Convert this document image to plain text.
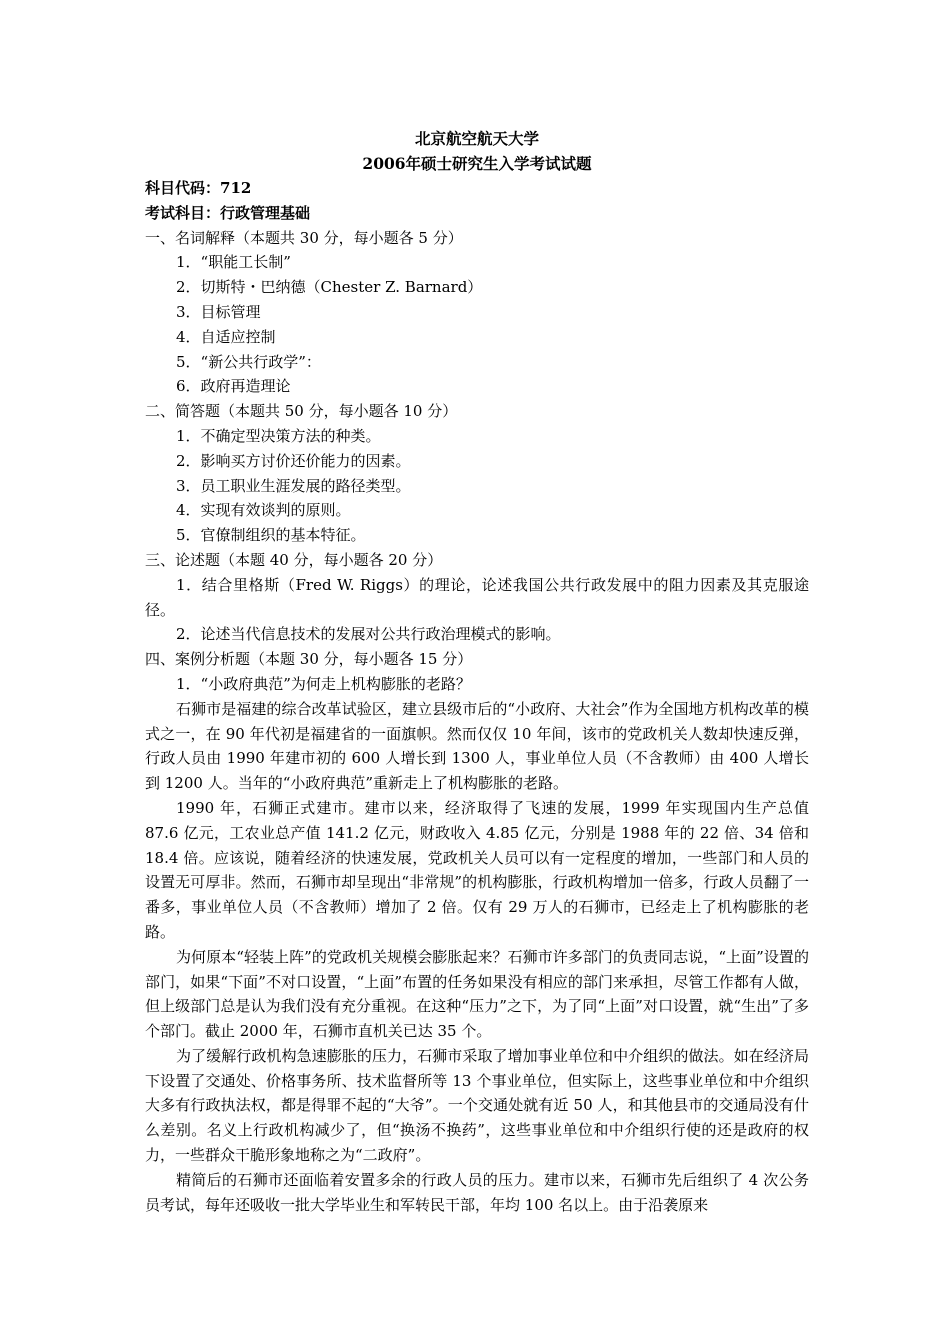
北京航空航天大学
2006年硕士研究生入学考试试题
科目代码：712
考试科目：行政管理基础
一、名词解释（本题共 30 分，每小题各 5 分）
1．“职能工长制”
2．切斯特・巴纳德（Chester Z. Barnard）
3．目标管理
4．自适应控制
5．“新公共行政学”：
6．政府再造理论
二、简答题（本题共 50 分，每小题各 10 分）
1．不确定型决策方法的种类。
2．影响买方讨价还价能力的因素。
3．员工职业生涯发展的路径类型。
4．实现有效谈判的原则。
5．官僚制组织的基本特征。
三、论述题（本题 40 分，每小题各 20 分）
1．结合里格斯（Fred W. Riggs）的理论，论述我国公共行政发展中的阻力因素及其克服途径。
2．论述当代信息技术的发展对公共行政治理模式的影响。
四、案例分析题（本题 30 分，每小题各 15 分）
1．“小政府典范”为何走上机构膨胀的老路？

石狮市是福建的综合改革试验区，建立县级市后的“小政府、大社会”作为全国地方机构改革的模式之一，在 90 年代初是福建省的一面旗帜。然而仅仅 10 年间，该市的党政机关人数却快速反弹，行政人员由 1990 年建市初的 600 人增长到 1300 人，事业单位人员（不含教师）由 400 人增长到 1200 人。当年的“小政府典范”重新走上了机构膨胀的老路。

1990 年，石狮正式建市。建市以来，经济取得了飞速的发展，1999 年实现国内生产总值 87.6 亿元，工农业总产值 141.2 亿元，财政收入 4.85 亿元，分别是 1988 年的 22 倍、34 倍和 18.4 倍。应该说，随着经济的快速发展，党政机关人员可以有一定程度的增加，一些部门和人员的设置无可厚非。然而，石狮市却呈现出“非常规”的机构膨胀，行政机构增加一倍多，行政人员翻了一番多，事业单位人员（不含教师）增加了 2 倍。仅有 29 万人的石狮市，已经走上了机构膨胀的老路。

为何原本“轻装上阵”的党政机关规模会膨胀起来？石狮市许多部门的负责同志说，“上面”设置的部门，如果“下面”不对口设置，“上面”布置的任务如果没有相应的部门来承担，尽管工作都有人做，但上级部门总是认为我们没有充分重视。在这种“压力”之下，为了同“上面”对口设置，就“生出”了多个部门。截止 2000 年，石狮市直机关已达 35 个。

为了缓解行政机构急速膨胀的压力，石狮市采取了增加事业单位和中介组织的做法。如在经济局下设置了交通处、价格事务所、技术监督所等 13 个事业单位，但实际上，这些事业单位和中介组织大多有行政执法权，都是得罪不起的“大爷”。一个交通处就有近 50 人，和其他县市的交通局没有什么差别。名义上行政机构减少了，但“换汤不换药”，这些事业单位和中介组织行使的还是政府的权力，一些群众干脆形象地称之为“二政府”。

精简后的石狮市还面临着安置多余的行政人员的压力。建市以来，石狮市先后组织了 4 次公务员考试，每年还吸收一批大学毕业生和军转民干部，年均 100 名以上。由于沿袭原来
